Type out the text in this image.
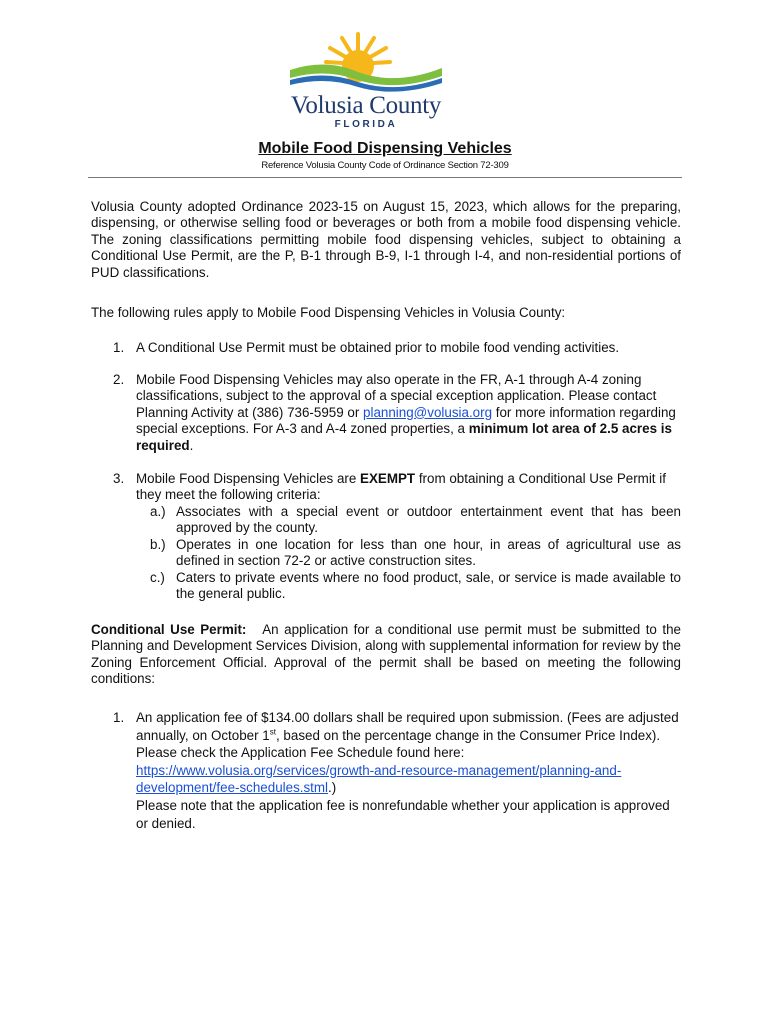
Volusia County
FLORIDA
Mobile Food Dispensing Vehicles
Reference Volusia County Code of Ordinance Section 72-309
Volusia County adopted Ordinance 2023-15 on August 15, 2023, which allows for the preparing, dispensing, or otherwise selling food or beverages or both from a mobile food dispensing vehicle. The zoning classifications permitting mobile food dispensing vehicles, subject to obtaining a Conditional Use Permit, are the P, B-1 through B-9, I-1 through I-4, and non-residential portions of PUD classifications.
The following rules apply to Mobile Food Dispensing Vehicles in Volusia County:
1. A Conditional Use Permit must be obtained prior to mobile food vending activities.
2. Mobile Food Dispensing Vehicles may also operate in the FR, A-1 through A-4 zoning classifications, subject to the approval of a special exception application. Please contact Planning Activity at (386) 736-5959 or planning@volusia.org for more information regarding special exceptions. For A-3 and A-4 zoned properties, a minimum lot area of 2.5 acres is required.
3. Mobile Food Dispensing Vehicles are EXEMPT from obtaining a Conditional Use Permit if they meet the following criteria:
a.) Associates with a special event or outdoor entertainment event that has been approved by the county.
b.) Operates in one location for less than one hour, in areas of agricultural use as defined in section 72-2 or active construction sites.
c.) Caters to private events where no food product, sale, or service is made available to the general public.
Conditional Use Permit: An application for a conditional use permit must be submitted to the Planning and Development Services Division, along with supplemental information for review by the Zoning Enforcement Official. Approval of the permit shall be based on meeting the following conditions:
1. An application fee of $134.00 dollars shall be required upon submission. (Fees are adjusted annually, on October 1st, based on the percentage change in the Consumer Price Index). Please check the Application Fee Schedule found here: https://www.volusia.org/services/growth-and-resource-management/planning-and-development/fee-schedules.stml.)
Please note that the application fee is nonrefundable whether your application is approved or denied.
